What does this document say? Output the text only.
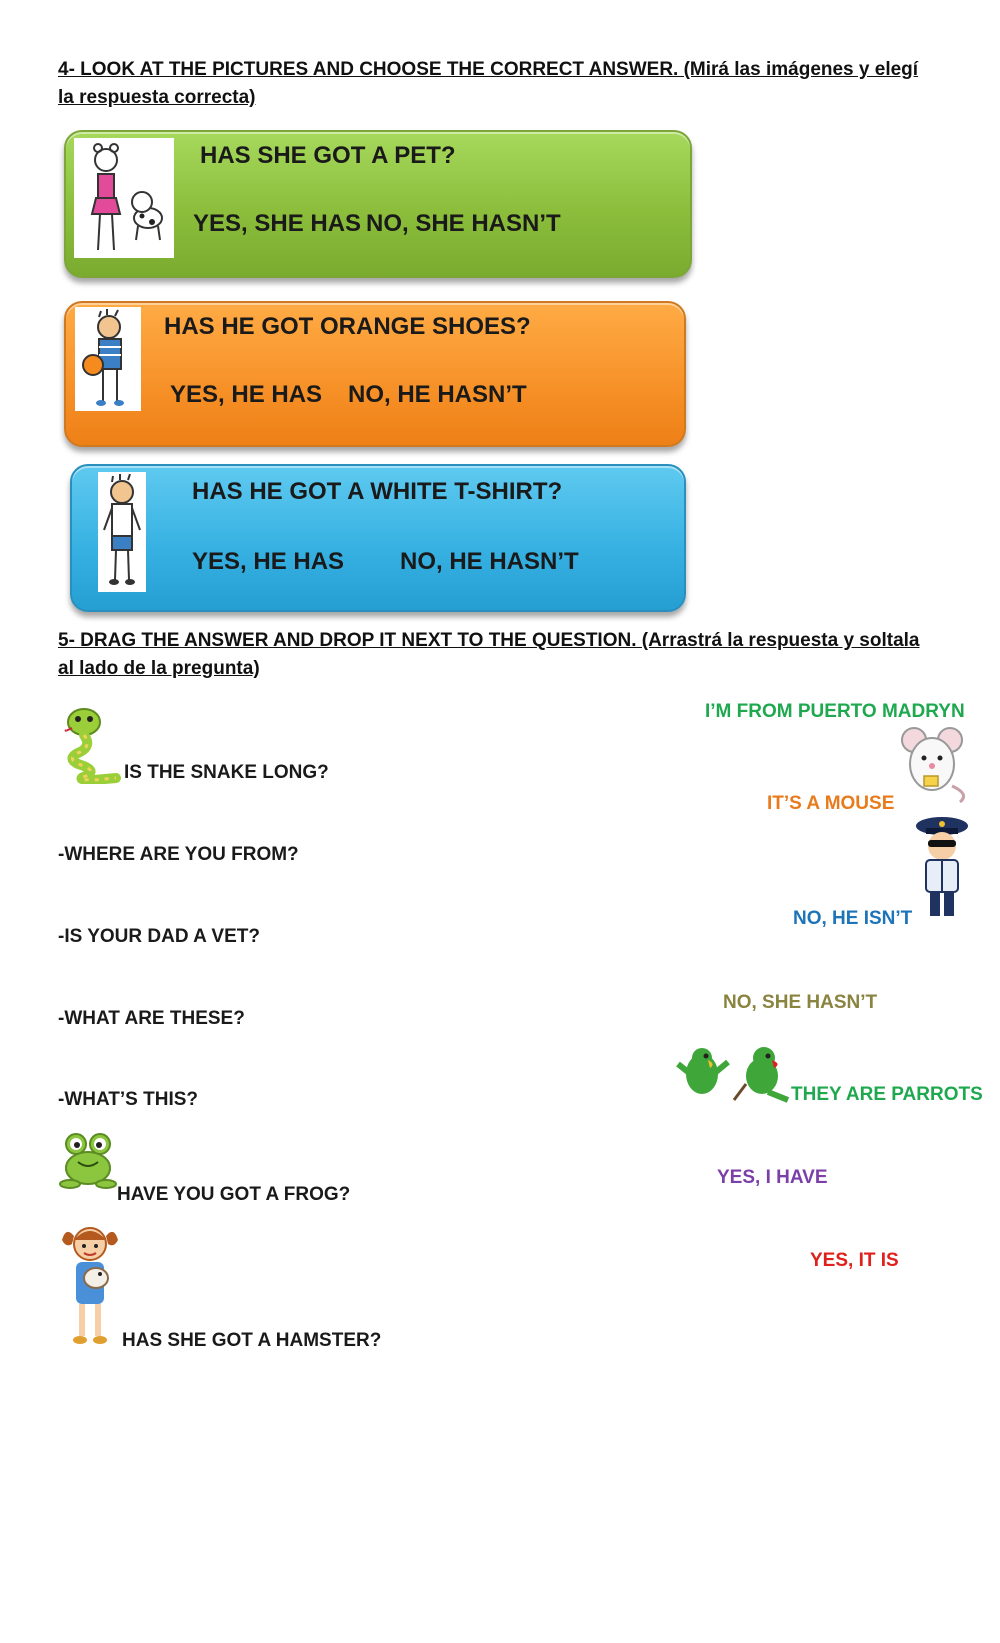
4- LOOK AT THE PICTURES AND CHOOSE THE CORRECT ANSWER. (Mirá las imágenes y elegí la respuesta correcta)
HAS SHE GOT A PET?
YES, SHE HAS NO, SHE HASN’T
HAS HE GOT ORANGE SHOES?
YES, HE HAS NO, HE HASN’T
HAS HE GOT A WHITE T-SHIRT?
YES, HE HAS NO, HE HASN’T
5- DRAG THE ANSWER AND DROP IT NEXT TO THE QUESTION. (Arrastrá la respuesta y soltala al lado de la pregunta)
IS THE SNAKE LONG?
-WHERE ARE YOU FROM?
-IS YOUR DAD A VET?
-WHAT ARE THESE?
-WHAT’S THIS?
HAVE YOU GOT A FROG?
HAS SHE GOT A HAMSTER?
I’M FROM PUERTO MADRYN
IT’S A MOUSE
NO, HE ISN’T
NO, SHE HASN’T
THEY ARE PARROTS
YES, I HAVE
YES, IT IS
